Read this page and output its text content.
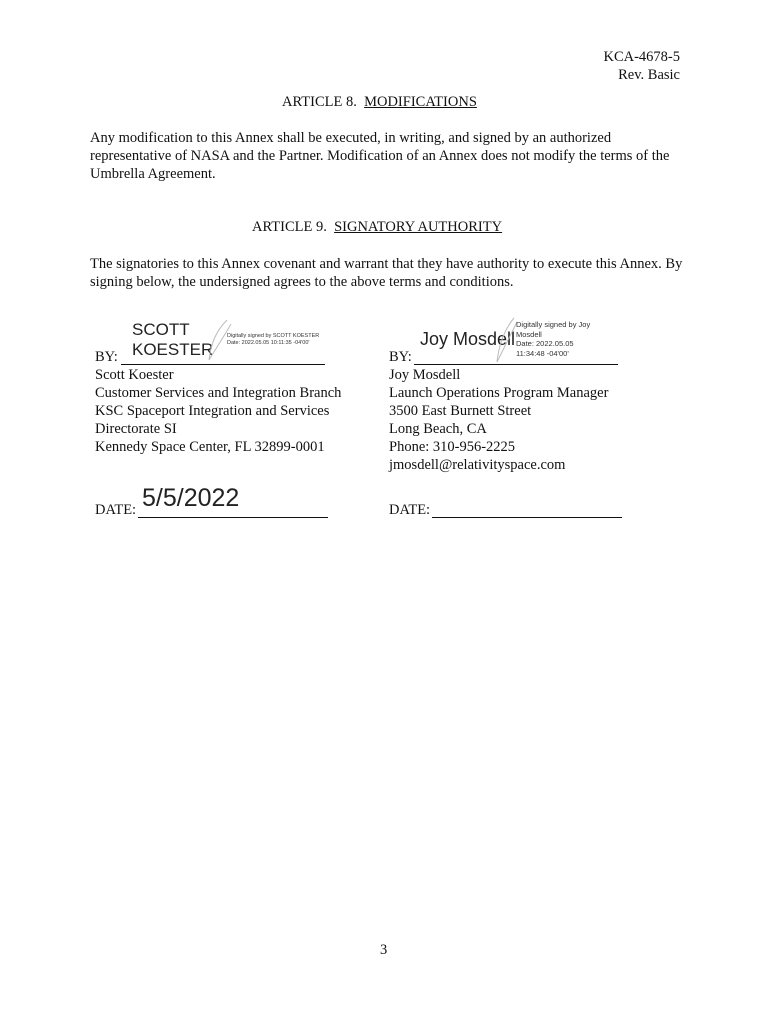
KCA-4678-5
Rev. Basic
ARTICLE 8. MODIFICATIONS
Any modification to this Annex shall be executed, in writing, and signed by an authorized representative of NASA and the Partner. Modification of an Annex does not modify the terms of the Umbrella Agreement.
ARTICLE 9. SIGNATORY AUTHORITY
The signatories to this Annex covenant and warrant that they have authority to execute this Annex. By signing below, the undersigned agrees to the above terms and conditions.
SCOTT
KOESTER
Digitally signed by SCOTT KOESTER
Date: 2022.05.05 10:11:35 -04'00'
BY:
Scott Koester
Customer Services and Integration Branch
KSC Spaceport Integration and Services
Directorate SI
Kennedy Space Center, FL 32899-0001
5/5/2022
DATE:
Joy Mosdell
Digitally signed by Joy
Mosdell
Date: 2022.05.05
11:34:48 -04'00'
BY:
Joy Mosdell
Launch Operations Program Manager
3500 East Burnett Street
Long Beach, CA
Phone: 310-956-2225
jmosdell@relativityspace.com
DATE:
3
